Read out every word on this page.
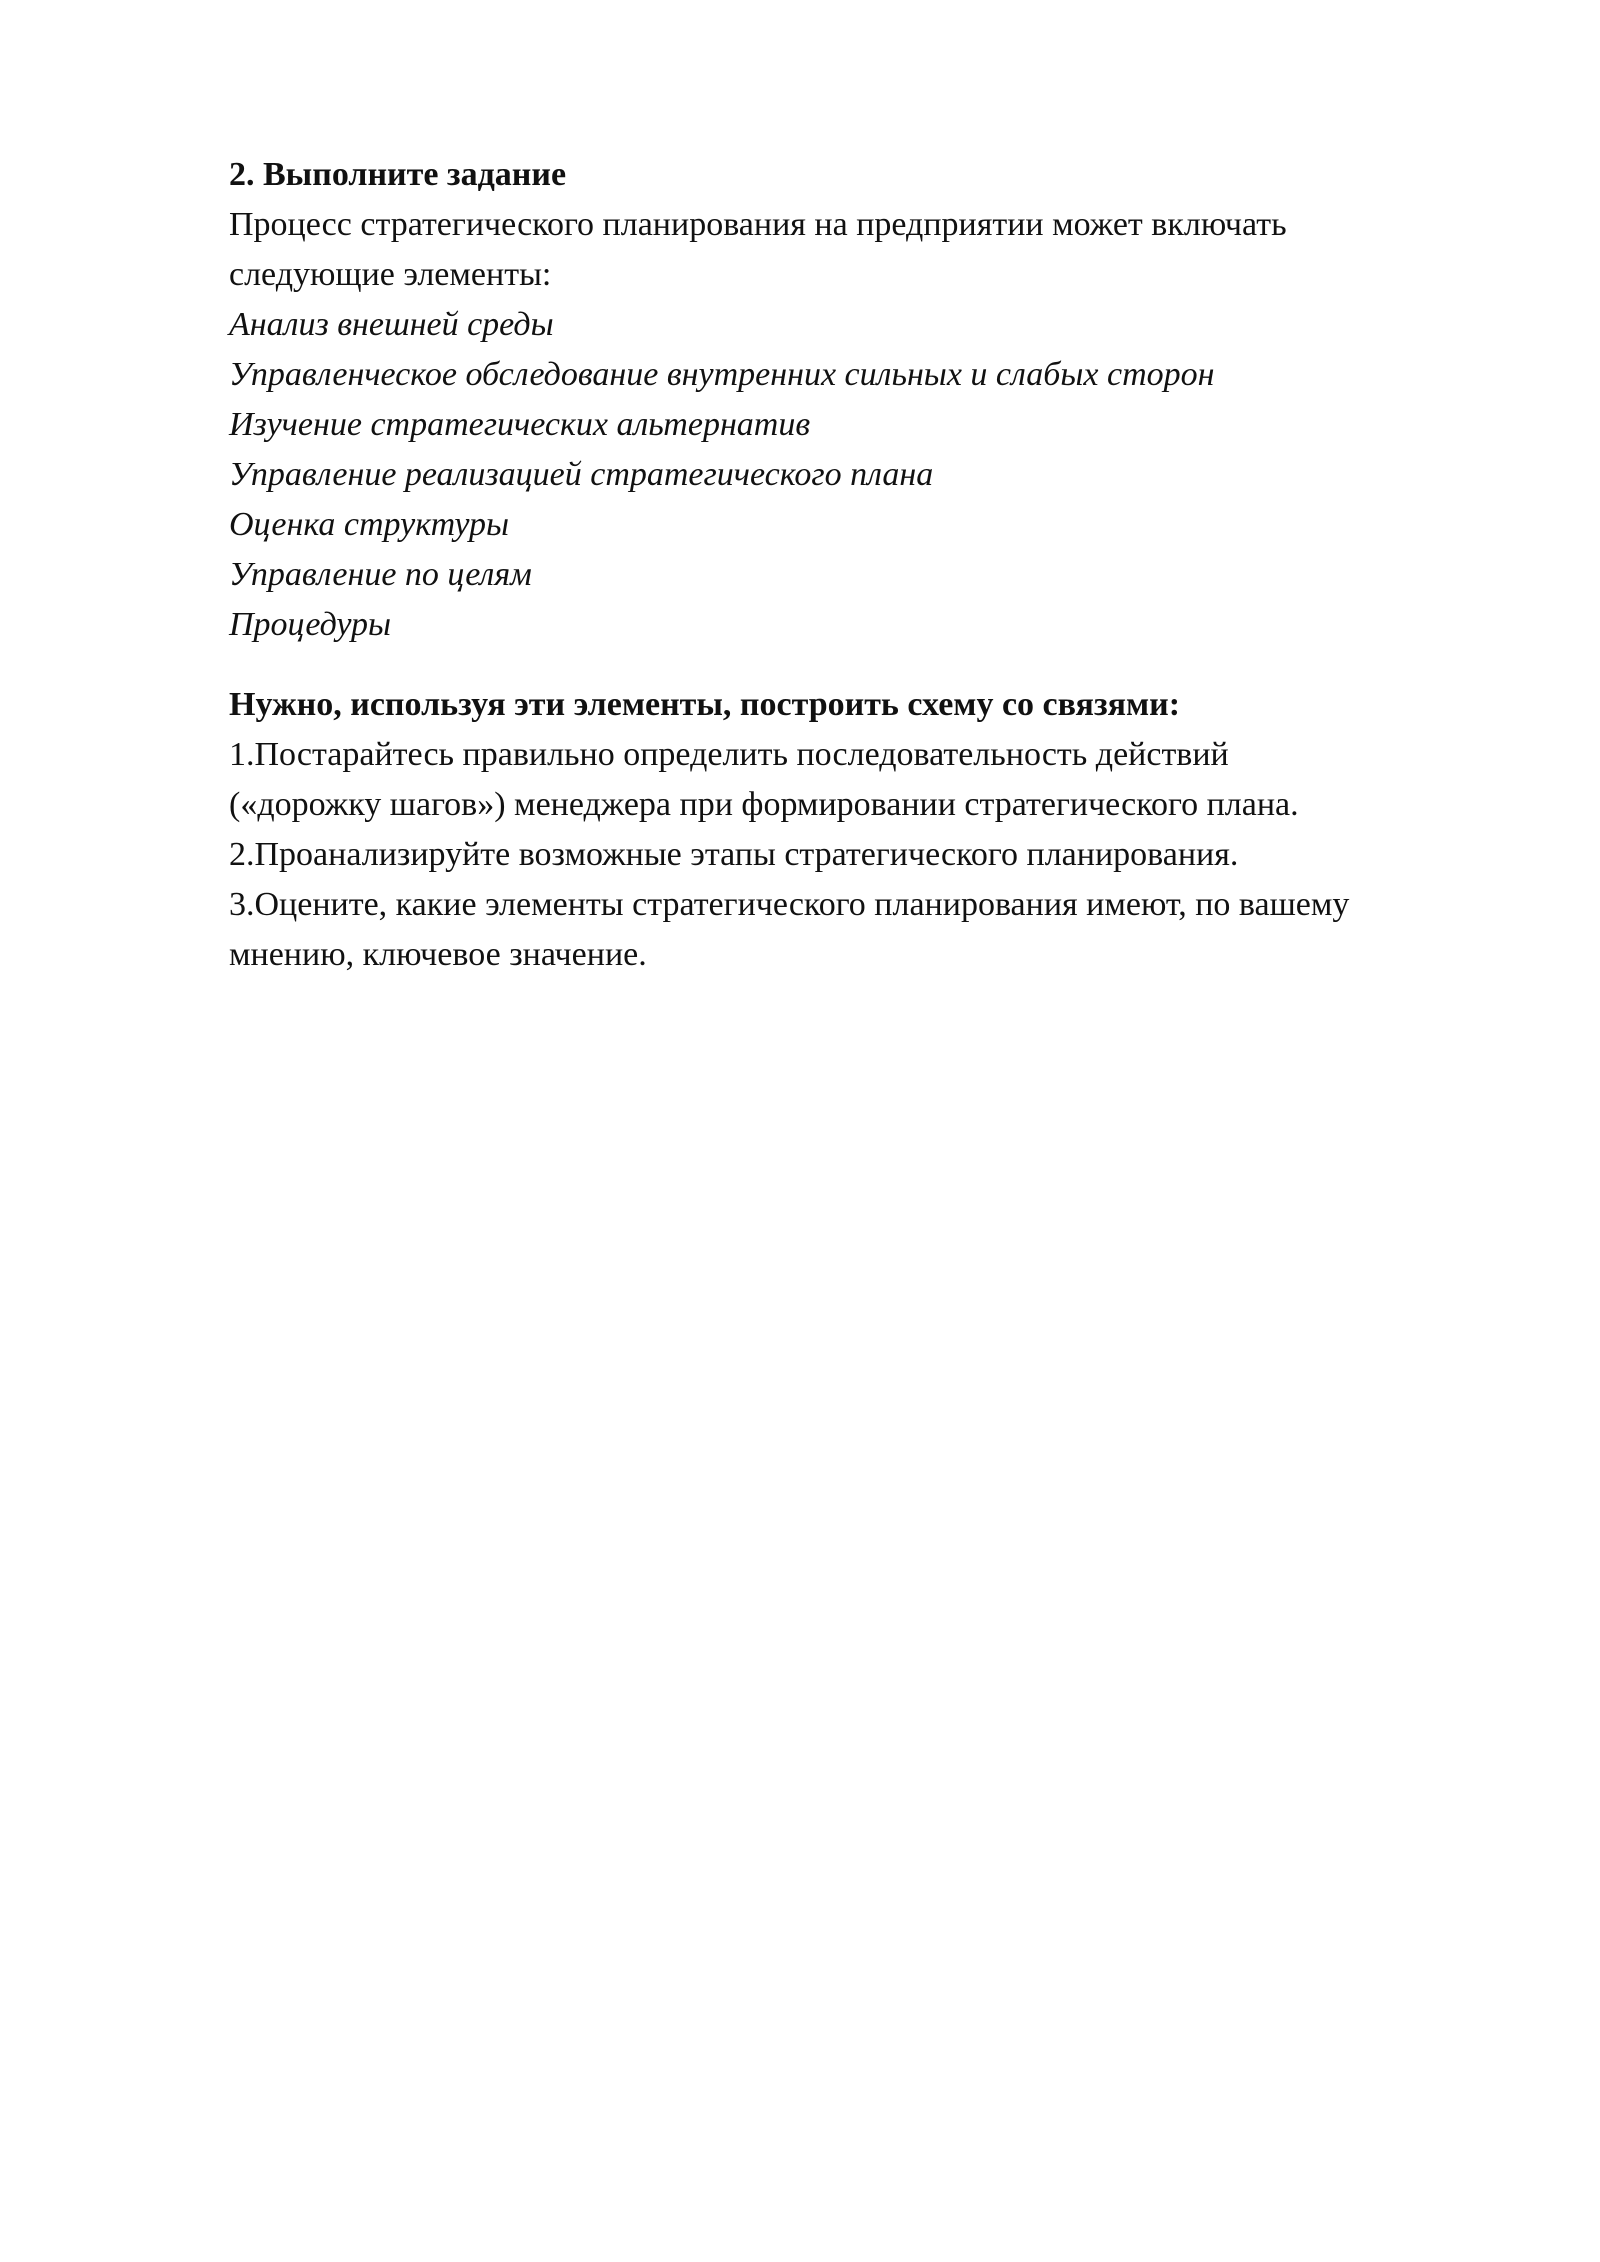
2. Выполните задание

Процесс стратегического планирования на предприятии может включать

следующие элементы:

Анализ внешней среды

Управленческое обследование внутренних сильных и слабых сторон

Изучение стратегических альтернатив

Управление реализацией стратегического плана

Оценка структуры

Управление по целям

Процедуры

Нужно, используя эти элементы, построить схему со связями:

1.Постарайтесь правильно определить последовательность действий

(«дорожку шагов») менеджера при формировании стратегического плана.

2.Проанализируйте возможные этапы стратегического планирования.

3.Оцените, какие элементы стратегического планирования имеют, по вашему

мнению, ключевое значение.
